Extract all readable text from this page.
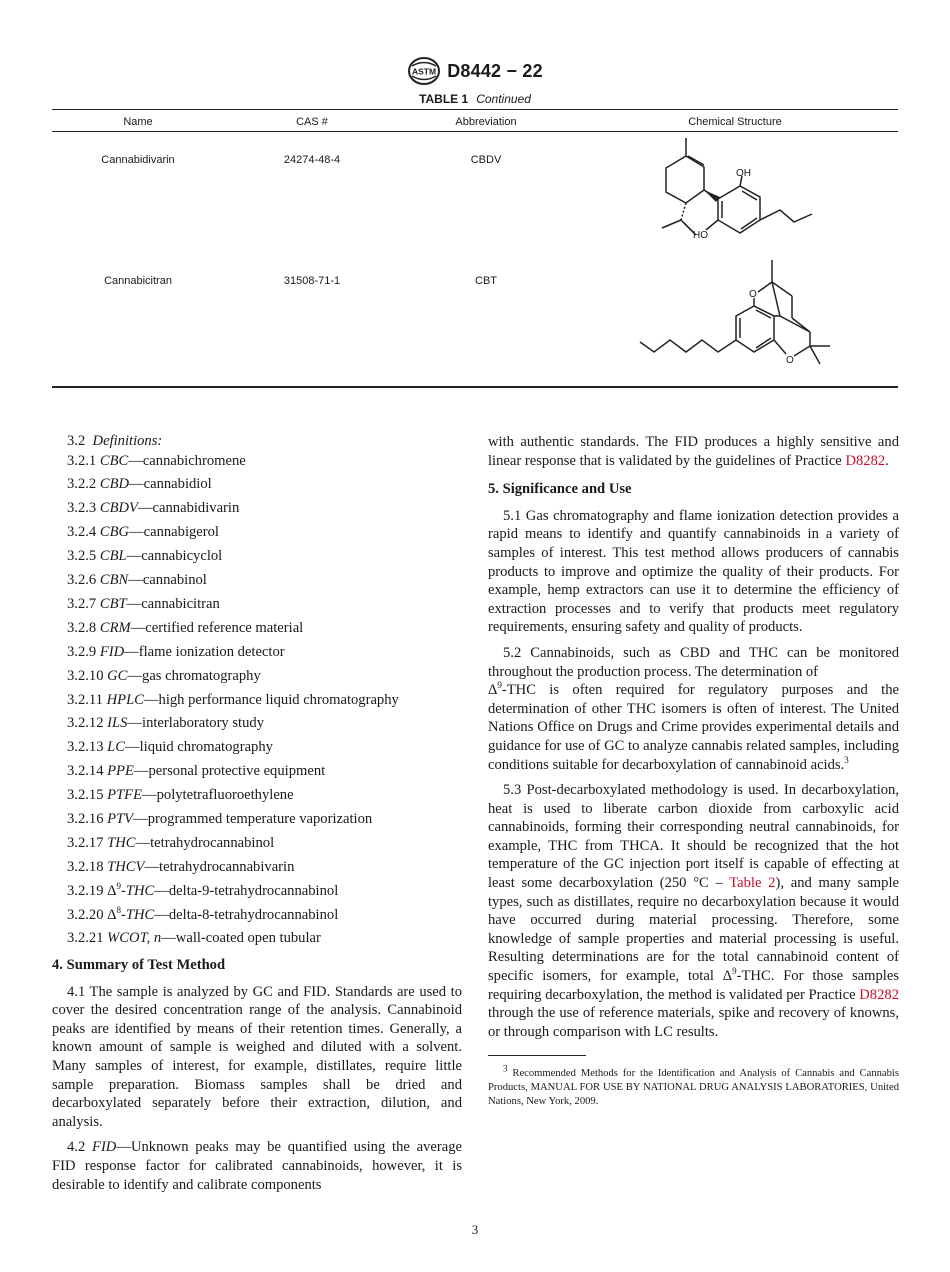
ASTM D8442 − 22
TABLE 1 Continued
Name	CAS #	Abbreviation	Chemical Structure
Cannabidivarin	24274-48-4	CBDV
OH
HO
Cannabicitran	31508-71-1	CBT
O
O
3.2 Definitions:
3.2.1 CBC—cannabichromene
3.2.2 CBD—cannabidiol
3.2.3 CBDV—cannabidivarin
3.2.4 CBG—cannabigerol
3.2.5 CBL—cannabicyclol
3.2.6 CBN—cannabinol
3.2.7 CBT—cannabicitran
3.2.8 CRM—certified reference material
3.2.9 FID—flame ionization detector
3.2.10 GC—gas chromatography
3.2.11 HPLC—high performance liquid chromatography
3.2.12 ILS—interlaboratory study
3.2.13 LC—liquid chromatography
3.2.14 PPE—personal protective equipment
3.2.15 PTFE—polytetrafluoroethylene
3.2.16 PTV—programmed temperature vaporization
3.2.17 THC—tetrahydrocannabinol
3.2.18 THCV—tetrahydrocannabivarin
3.2.19 $\Delta^9-THC—delta-9$-tetrahydrocannabinol
3.2.20 $\Delta^8-THC—delta-8$-tetrahydrocannabinol
3.2.21 WCOT, n—wall-coated open tubular
4. Summary of Test Method

4.1 The sample is analyzed by GC and FID. Standards are used to cover the desired concentration range of the analysis. Cannabinoid peaks are identified by means of their retention times. Generally, a known amount of sample is weighed and diluted with a solvent. Many samples of interest, for example, distillates, require little sample preparation. Biomass samples shall be dried and decarboxylated separately before their extraction, dilution, and analysis.

4.2 FID—Unknown peaks may be quantified using the average FID response factor for calibrated cannabinoids, however, it is desirable to identify and calibrate components

with authentic standards. The FID produces a highly sensitive and linear response that is validated by the guidelines of Practice D8282.

5. Significance and Use

5.1 Gas chromatography and flame ionization detection provides a rapid means to identify and quantify cannabinoids in a variety of samples of interest. This test method allows producers of cannabis products to improve and optimize the quality of their products. For example, hemp extractors can use it to determine the efficiency of extraction processes and to verify that products meet regulatory requirements, ensuring safety and quality of products.

5.2 Cannabinoids, such as CBD and THC can be monitored throughout the production process. The determination of
$\Delta^9$-THC is often required for regulatory purposes and the determination of other THC isomers is often of interest. The United Nations Office on Drugs and Crime provides experimental details and guidance for use of GC to analyze cannabis related samples, including conditions suitable for decarboxylation of cannabinoid acids.$^3$

5.3 Post-decarboxylated methodology is used. In decarboxylation, heat is used to liberate carbon dioxide from carboxylic acid cannabinoids, forming their corresponding neutral cannabinoids, for example, THC from THCA. It should be recognized that the hot temperature of the GC injection port itself is capable of effecting at least some decarboxylation (250 °C – Table 2), and many sample types, such as distillates, require no decarboxylation because it would have occurred during material processing. Therefore, some knowledge of sample properties and material processing is useful. Resulting determinations are for the total cannabinoid content of specific isomers, for example, total $\Delta^9$-THC. For those samples requiring decarboxylation, the method is validated per Practice D8282 through the use of reference materials, spike and recovery of knowns, or through comparison with LC results.

$^3$ Recommended Methods for the Identification and Analysis of Cannabis and Cannabis Products, MANUAL FOR USE BY NATIONAL DRUG ANALYSIS LABORATORIES, United Nations, New York, 2009.

3
